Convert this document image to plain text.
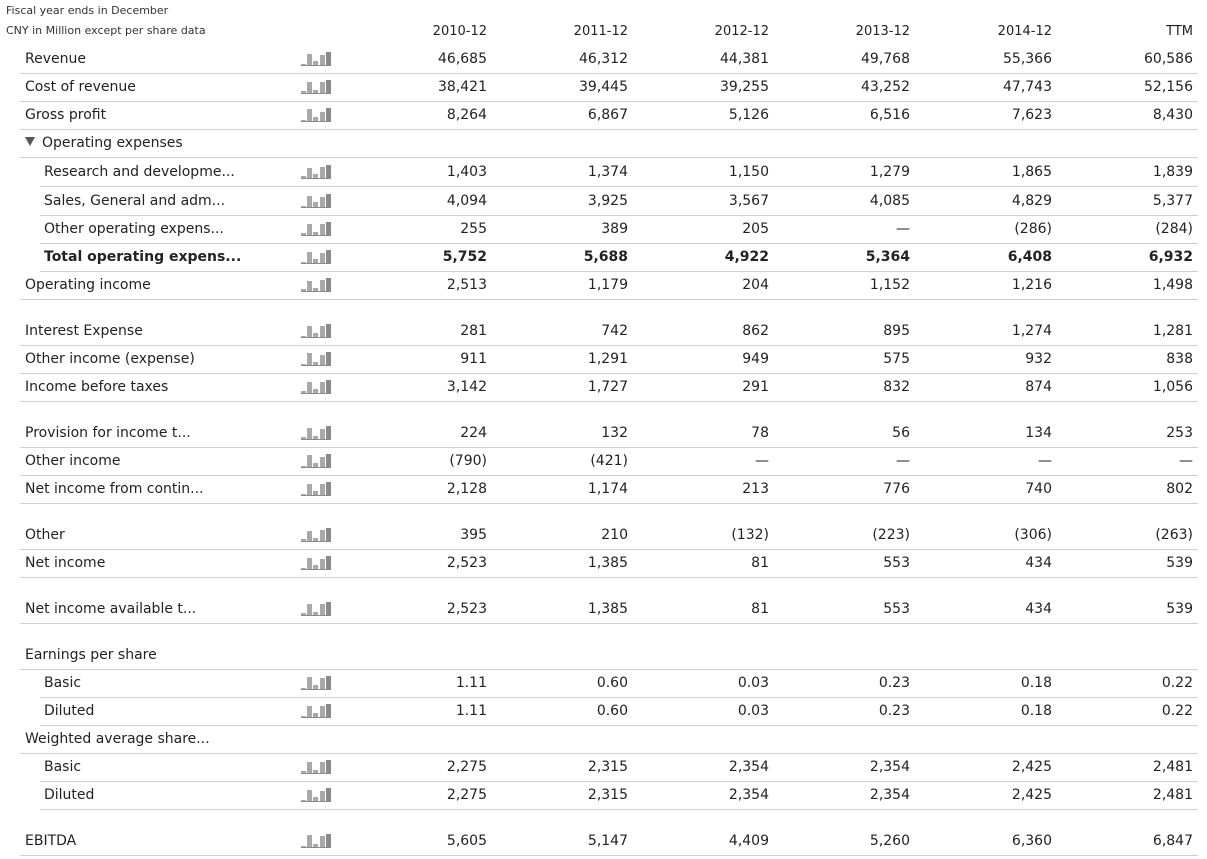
Fiscal year ends in December
CNY in Million except per share data	2010-12	2011-12	2012-12	2013-12	2014-12	TTM
Revenue	46,685	46,312	44,381	49,768	55,366	60,586
Cost of revenue	38,421	39,445	39,255	43,252	47,743	52,156
Gross profit	8,264	6,867	5,126	6,516	7,623	8,430
Operating expenses
Research and developme...	1,403	1,374	1,150	1,279	1,865	1,839
Sales, General and adm...	4,094	3,925	3,567	4,085	4,829	5,377
Other operating expens...	255	389	205	—	(286)	(284)
Total operating expens...	5,752	5,688	4,922	5,364	6,408	6,932
Operating income	2,513	1,179	204	1,152	1,216	1,498
Interest Expense	281	742	862	895	1,274	1,281
Other income (expense)	911	1,291	949	575	932	838
Income before taxes	3,142	1,727	291	832	874	1,056
Provision for income t...	224	132	78	56	134	253
Other income	(790)	(421)	—	—	—	—
Net income from contin...	2,128	1,174	213	776	740	802
Other	395	210	(132)	(223)	(306)	(263)
Net income	2,523	1,385	81	553	434	539
Net income available t...	2,523	1,385	81	553	434	539
Earnings per share
Basic	1.11	0.60	0.03	0.23	0.18	0.22
Diluted	1.11	0.60	0.03	0.23	0.18	0.22
Weighted average share...
Basic	2,275	2,315	2,354	2,354	2,425	2,481
Diluted	2,275	2,315	2,354	2,354	2,425	2,481
EBITDA	5,605	5,147	4,409	5,260	6,360	6,847
